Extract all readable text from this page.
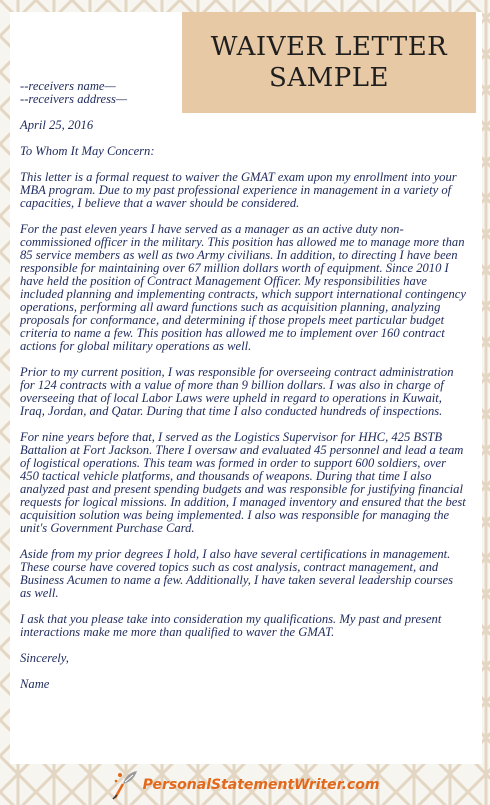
WAIVER LETTER
SAMPLE

--receivers name—
--receivers address—

April 25, 2016

To Whom It May Concern:

This letter is a formal request to waiver the GMAT exam upon my enrollment into your MBA program. Due to my past professional experience in management in a variety of capacities, I believe that a waver should be considered.

For the past eleven years I have served as a manager as an active duty non-commissioned officer in the military. This position has allowed me to manage more than 85 service members as well as two Army civilians. In addition, to directing I have been responsible for maintaining over 67 million dollars worth of equipment. Since 2010 I have held the position of Contract Management Officer. My responsibilities have included planning and implementing contracts, which support international contingency operations, performing all award functions such as acquisition planning, analyzing proposals for conformance, and determining if those propels meet particular budget criteria to name a few. This position has allowed me to implement over 160 contract actions for global military operations as well.

Prior to my current position, I was responsible for overseeing contract administration for 124 contracts with a value of more than 9 billion dollars. I was also in charge of overseeing that of local Labor Laws were upheld in regard to operations in Kuwait, Iraq, Jordan, and Qatar. During that time I also conducted hundreds of inspections.

For nine years before that, I served as the Logistics Supervisor for HHC, 425 BSTB Battalion at Fort Jackson. There I oversaw and evaluated 45 personnel and lead a team of logistical operations. This team was formed in order to support 600 soldiers, over 450 tactical vehicle platforms, and thousands of weapons. During that time I also analyzed past and present spending budgets and was responsible for justifying financial requests for logical missions. In addition, I managed inventory and ensured that the best acquisition solution was being implemented. I also was responsible for managing the unit's Government Purchase Card.

Aside from my prior degrees I hold, I also have several certifications in management. These course have covered topics such as cost analysis, contract management, and Business Acumen to name a few. Additionally, I have taken several leadership courses as well.

I ask that you please take into consideration my qualifications. My past and present interactions make me more than qualified to waver the GMAT.

Sincerely,

Name

PersonalStatementWriter.com
